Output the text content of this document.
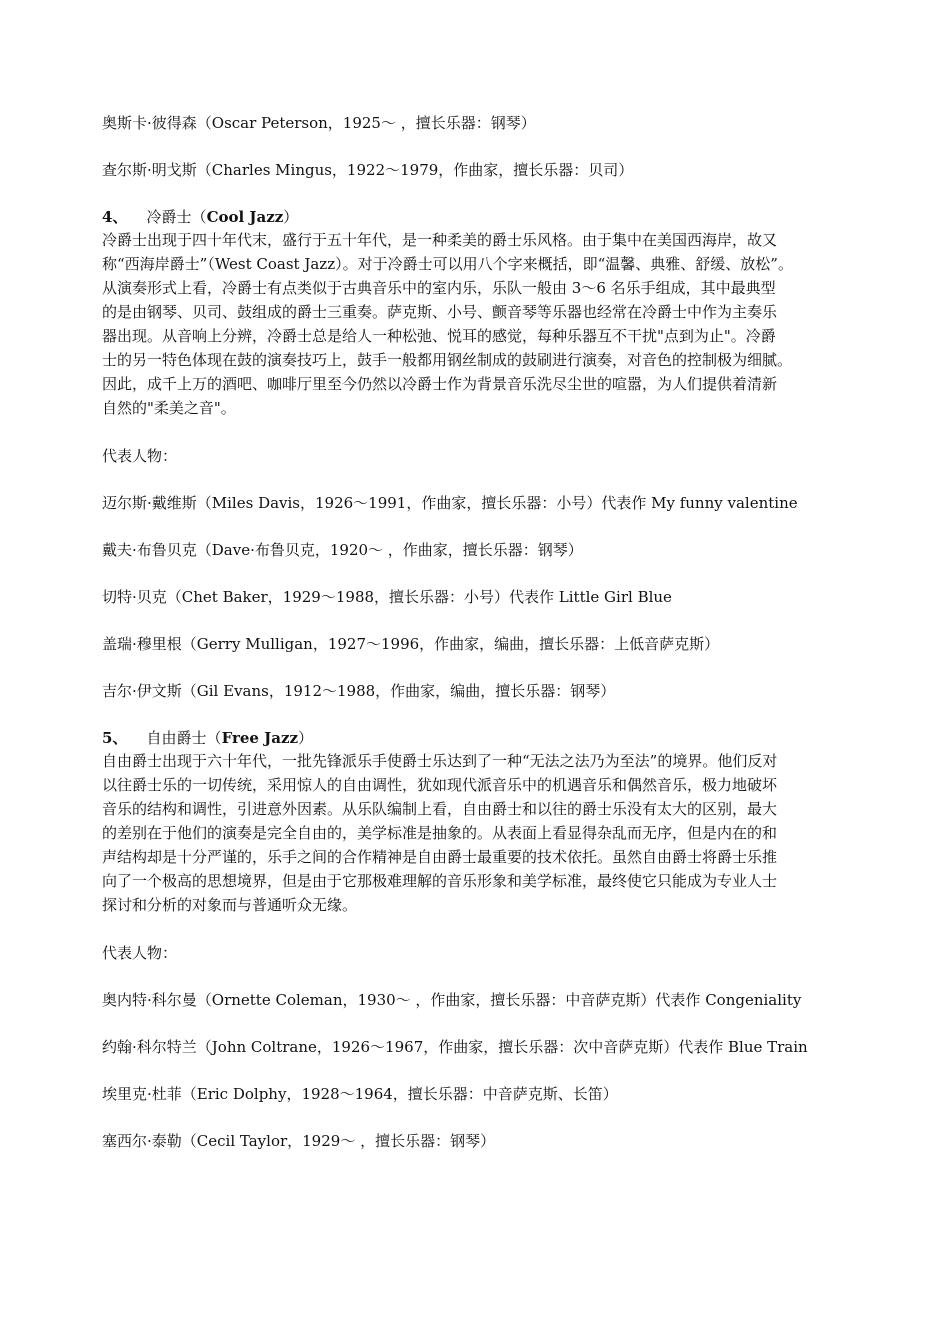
奥斯卡·彼得森（Oscar Peterson，1925～ ，擅长乐器：钢琴）

查尔斯·明戈斯（Charles Mingus，1922～1979，作曲家，擅长乐器：贝司）

4、 冷爵士（Cool Jazz）
冷爵士出现于四十年代末，盛行于五十年代，是一种柔美的爵士乐风格。由于集中在美国西海岸，故又
称“西海岸爵士”（West Coast Jazz）。对于冷爵士可以用八个字来概括，即“温馨、典雅、舒缓、放松”。
从演奏形式上看，冷爵士有点类似于古典音乐中的室内乐，乐队一般由 3～6 名乐手组成，其中最典型
的是由钢琴、贝司、鼓组成的爵士三重奏。萨克斯、小号、颤音琴等乐器也经常在冷爵士中作为主奏乐
器出现。从音响上分辨，冷爵士总是给人一种松弛、悦耳的感觉，每种乐器互不干扰"点到为止"。冷爵
士的另一特色体现在鼓的演奏技巧上，鼓手一般都用钢丝制成的鼓刷进行演奏，对音色的控制极为细腻。
因此，成千上万的酒吧、咖啡厅里至今仍然以冷爵士作为背景音乐洗尽尘世的喧嚣，为人们提供着清新
自然的"柔美之音"。

代表人物：

迈尔斯·戴维斯（Miles Davis，1926～1991，作曲家，擅长乐器：小号）代表作 My funny valentine

戴夫·布鲁贝克（Dave·布鲁贝克，1920～ ，作曲家，擅长乐器：钢琴）

切特·贝克（Chet Baker，1929～1988，擅长乐器：小号）代表作 Little Girl Blue

盖瑞·穆里根（Gerry Mulligan，1927～1996，作曲家，编曲，擅长乐器：上低音萨克斯）

吉尔·伊文斯（Gil Evans，1912～1988，作曲家，编曲，擅长乐器：钢琴）

5、 自由爵士（Free Jazz）
自由爵士出现于六十年代，一批先锋派乐手使爵士乐达到了一种“无法之法乃为至法”的境界。他们反对
以往爵士乐的一切传统，采用惊人的自由调性，犹如现代派音乐中的机遇音乐和偶然音乐，极力地破坏
音乐的结构和调性，引进意外因素。从乐队编制上看，自由爵士和以往的爵士乐没有太大的区别，最大
的差别在于他们的演奏是完全自由的，美学标准是抽象的。从表面上看显得杂乱而无序，但是内在的和
声结构却是十分严谨的，乐手之间的合作精神是自由爵士最重要的技术依托。虽然自由爵士将爵士乐推
向了一个极高的思想境界，但是由于它那极难理解的音乐形象和美学标准，最终使它只能成为专业人士
探讨和分析的对象而与普通听众无缘。

代表人物：

奥内特·科尔曼（Ornette Coleman，1930～ ，作曲家，擅长乐器：中音萨克斯）代表作 Congeniality

约翰·科尔特兰（John Coltrane，1926～1967，作曲家，擅长乐器：次中音萨克斯）代表作 Blue Train

埃里克·杜菲（Eric Dolphy，1928～1964，擅长乐器：中音萨克斯、长笛）

塞西尔·泰勒（Cecil Taylor，1929～ ，擅长乐器：钢琴）
